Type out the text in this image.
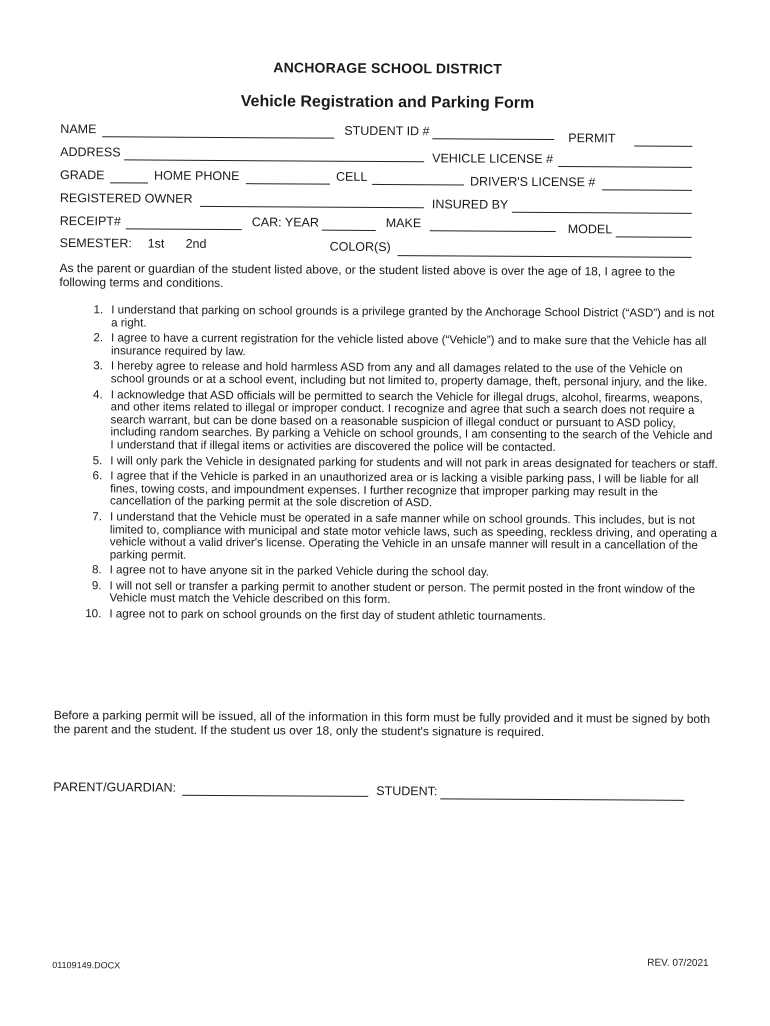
ANCHORAGE SCHOOL DISTRICT
Vehicle Registration and Parking Form
NAME	STUDENT ID #	PERMIT
ADDRESS	VEHICLE LICENSE #
GRADE	HOME PHONE	CELL	DRIVER'S LICENSE #
REGISTERED OWNER	INSURED BY
RECEIPT#	CAR: YEAR	MAKE	MODEL
SEMESTER: 1st 2nd	COLOR(S)
As the parent or guardian of the student listed above, or the student listed above is over the age of 18, I agree to the following terms and conditions.
1. I understand that parking on school grounds is a privilege granted by the Anchorage School District (“ASD”) and is not a right.
2. I agree to have a current registration for the vehicle listed above (“Vehicle”) and to make sure that the Vehicle has all insurance required by law.
3. I hereby agree to release and hold harmless ASD from any and all damages related to the use of the Vehicle on school grounds or at a school event, including but not limited to, property damage, theft, personal injury, and the like.
4. I acknowledge that ASD officials will be permitted to search the Vehicle for illegal drugs, alcohol, firearms, weapons, and other items related to illegal or improper conduct. I recognize and agree that such a search does not require a search warrant, but can be done based on a reasonable suspicion of illegal conduct or pursuant to ASD policy, including random searches. By parking a Vehicle on school grounds, I am consenting to the search of the Vehicle and I understand that if illegal items or activities are discovered the police will be contacted.
5. I will only park the Vehicle in designated parking for students and will not park in areas designated for teachers or staff.
6. I agree that if the Vehicle is parked in an unauthorized area or is lacking a visible parking pass, I will be liable for all fines, towing costs, and impoundment expenses. I further recognize that improper parking may result in the cancellation of the parking permit at the sole discretion of ASD.
7. I understand that the Vehicle must be operated in a safe manner while on school grounds. This includes, but is not limited to, compliance with municipal and state motor vehicle laws, such as speeding, reckless driving, and operating a vehicle without a valid driver's license. Operating the Vehicle in an unsafe manner will result in a cancellation of the parking permit.
8. I agree not to have anyone sit in the parked Vehicle during the school day.
9. I will not sell or transfer a parking permit to another student or person. The permit posted in the front window of the Vehicle must match the Vehicle described on this form.
10. I agree not to park on school grounds on the first day of student athletic tournaments.
Before a parking permit will be issued, all of the information in this form must be fully provided and it must be signed by both the parent and the student. If the student us over 18, only the student's signature is required.
PARENT/GUARDIAN:	STUDENT:
01109149.DOCX	REV. 07/2021
